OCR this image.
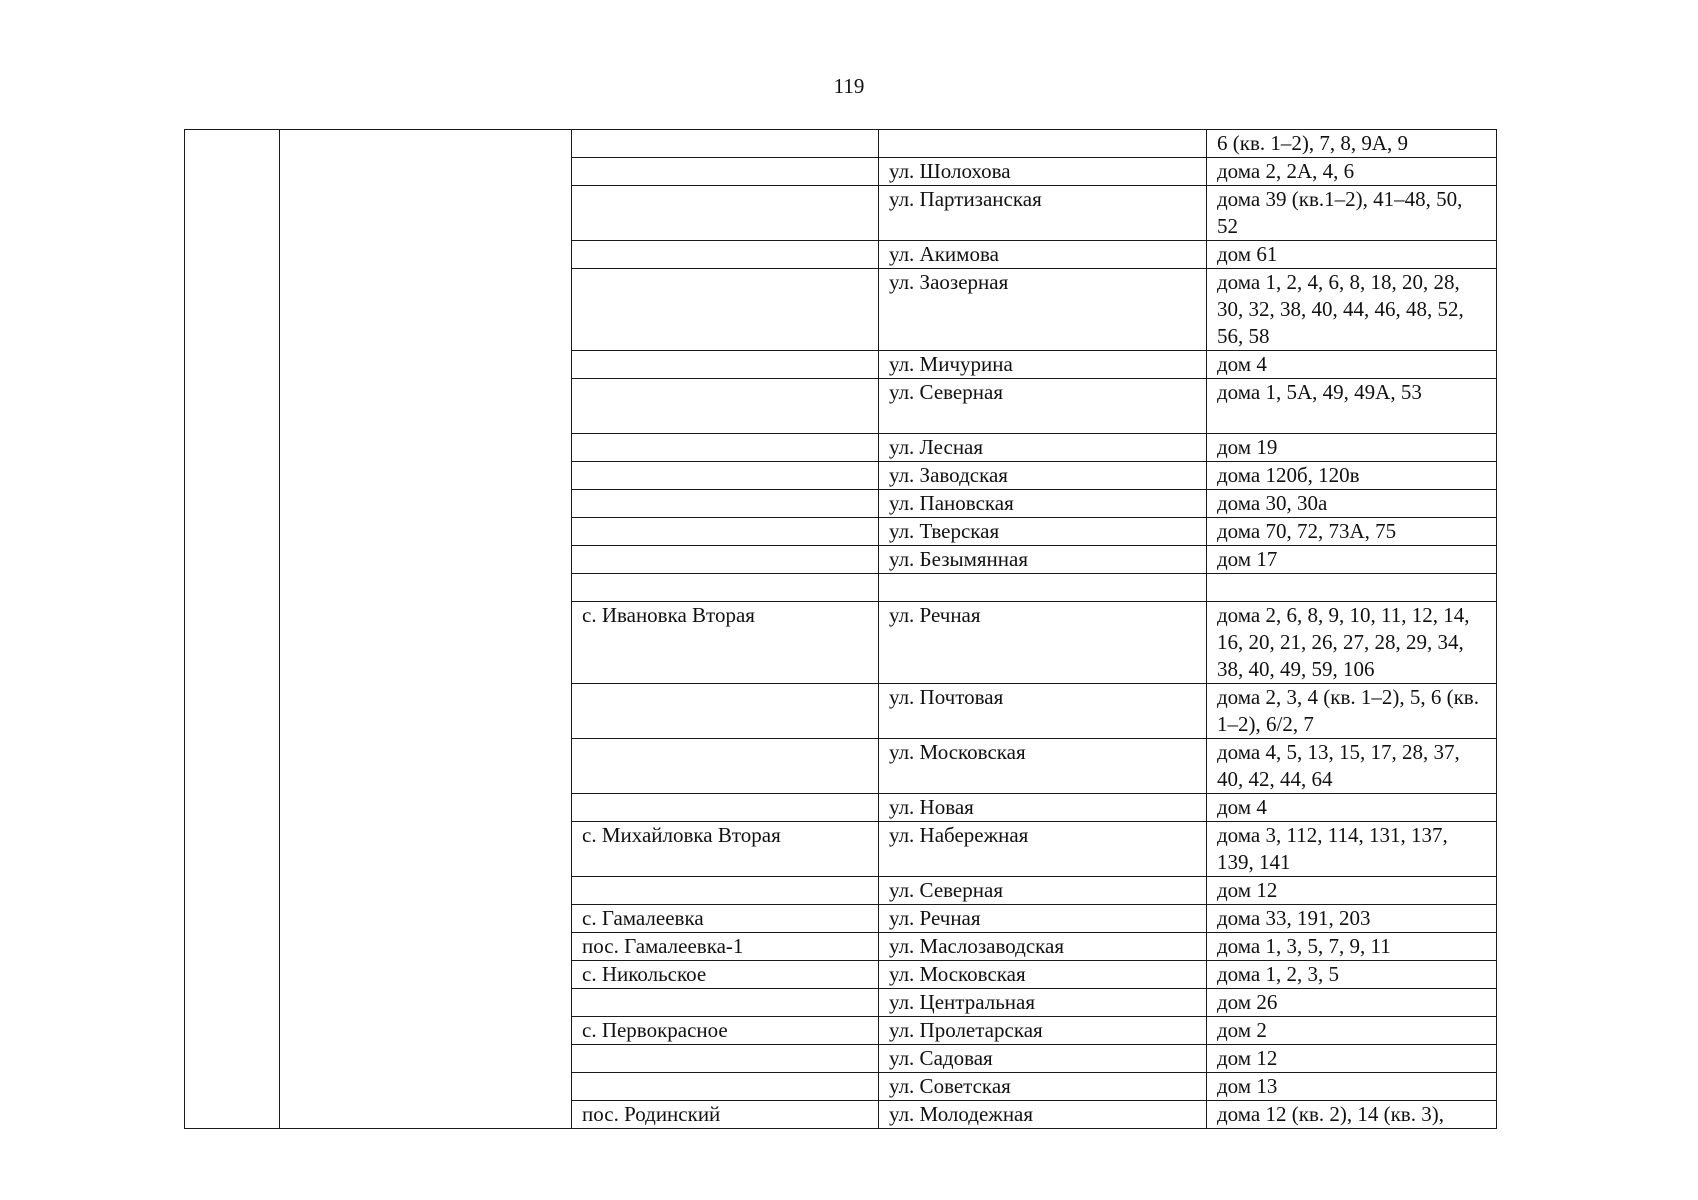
119
				6 (кв. 1–2), 7, 8, 9А, 9
			ул. Шолохова	дома 2, 2А, 4, 6
			ул. Партизанская	дома 39 (кв.1–2), 41–48, 50, 52
			ул. Акимова	дом 61
			ул. Заозерная	дома 1, 2, 4, 6, 8, 18, 20, 28, 30, 32, 38, 40, 44, 46, 48, 52, 56, 58
			ул. Мичурина	дом 4
			ул. Северная	дома 1, 5А, 49, 49А, 53
			ул. Лесная	дом 19
			ул. Заводская	дома 120б, 120в
			ул. Пановская	дома 30, 30а
			ул. Тверская	дома 70, 72, 73А, 75
			ул. Безымянная	дом 17

		с. Ивановка Вторая	ул. Речная	дома 2, 6, 8, 9, 10, 11, 12, 14, 16, 20, 21, 26, 27, 28, 29, 34, 38, 40, 49, 59, 106
			ул. Почтовая	дома 2, 3, 4 (кв. 1–2), 5, 6 (кв. 1–2), 6/2, 7
			ул. Московская	дома 4, 5, 13, 15, 17, 28, 37, 40, 42, 44, 64
			ул. Новая	дом 4
		с. Михайловка Вторая	ул. Набережная	дома 3, 112, 114, 131, 137, 139, 141
			ул. Северная	дом 12
		с. Гамалеевка	ул. Речная	дома 33, 191, 203
		пос. Гамалеевка-1	ул. Маслозаводская	дома 1, 3, 5, 7, 9, 11
		с. Никольское	ул. Московская	дома 1, 2, 3, 5
			ул. Центральная	дом 26
		с. Первокрасное	ул. Пролетарская	дом 2
			ул. Садовая	дом 12
			ул. Советская	дом 13
		пос. Родинский	ул. Молодежная	дома 12 (кв. 2), 14 (кв. 3),
